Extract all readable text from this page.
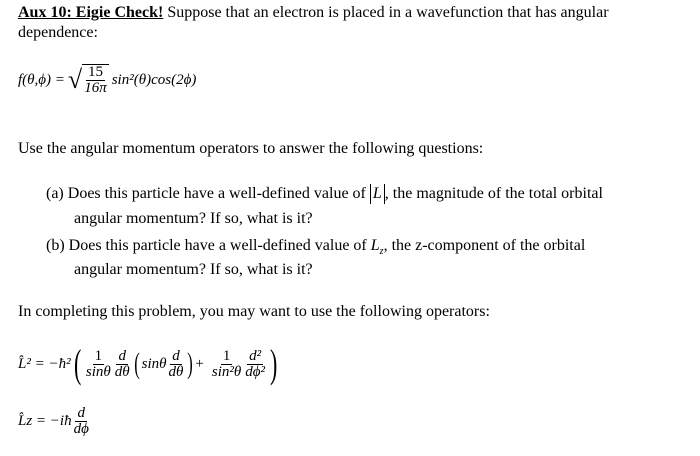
Aux 10: Eigie Check! Suppose that an electron is placed in a wavefunction that has angular
dependence:
f(θ,ϕ) = √ $\frac{15}{16\pi} \sin^2(\theta)\cos(2\phi)$
Use the angular momentum operators to answer the following questions:
(a) Does this particle have a well-defined value of L , the magnitude of the total orbital
angular momentum? If so, what is it?
(b) Does this particle have a well-defined value of $L_z$, the z-component of the orbital
angular momentum? If so, what is it?
In completing this problem, you may want to use the following operators:
L̂² = −ħ² ( $\frac{1}{\sin\theta} \frac{d}{d\theta}$ ( sinθ $\frac{d}{d\theta}$ ) + $\frac{1}{\text{sin²θ}} \frac{\text{d²}}{\text{dϕ²}}$ )
L̂z = −iħ $\frac{d}{d\phi}$
